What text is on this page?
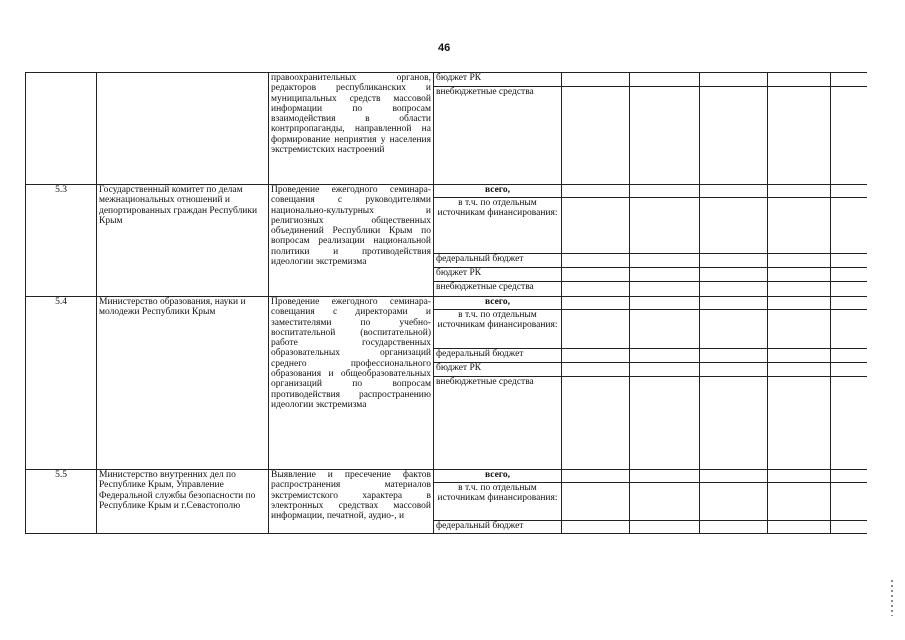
46
		правоохранительных органов, редакторов республиканских и муниципальных средств массовой информации по вопросам взаимодействия в области контрпропаганды, направленной на формирование неприятия у населения экстремистских настроений	бюджет РК					
			внебюджетные средства					
5.3	Государственный комитет по делам межнациональных отношений и депортированных граждан Республики Крым	Проведение ежегодного семинара-совещания с руководителями национально-культурных и религиозных общественных объединений Республики Крым по вопросам реализации национальной политики и противодействия идеологии экстремизма	всего,					
			в т.ч. по отдельным источникам финансирования:					
			федеральный бюджет					
			бюджет РК					
			внебюджетные средства					
5.4	Министерство образования, науки и молодежи Республики Крым	Проведение ежегодного семинара-совещания с директорами и заместителями по учебно-воспитательной (воспитательной) работе государственных образовательных организаций среднего профессионального образования и общеобразовательных организаций по вопросам противодействия распространению идеологии экстремизма	всего,					
			в т.ч. по отдельным источникам финансирования:					
			федеральный бюджет					
			бюджет РК					
			внебюджетные средства					
5.5	Министерство внутренних дел по Республике Крым, Управление Федеральной службы безопасности по Республике Крым и г.Севастополю	Выявление и пресечение фактов распространения материалов экстремистского характера в электронных средствах массовой информации, печатной, аудио-, и	всего,					
			в т.ч. по отдельным источникам финансирования:					
			федеральный бюджет					
